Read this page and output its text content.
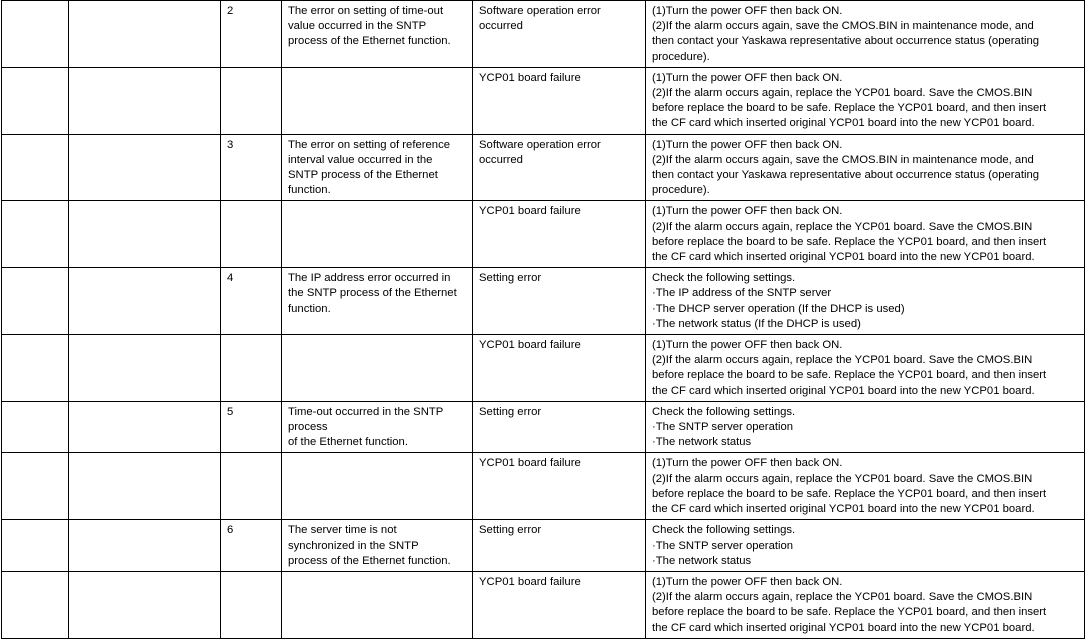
		2	The error on setting of time-out
value occurred in the SNTP
process of the Ethernet function.	Software operation error
occurred	(1)Turn the power OFF then back ON.
(2)If the alarm occurs again, save the CMOS.BIN in maintenance mode, and
then contact your Yaskawa representative about occurrence status (operating
procedure).
				YCP01 board failure	(1)Turn the power OFF then back ON.
(2)If the alarm occurs again, replace the YCP01 board. Save the CMOS.BIN
before replace the board to be safe. Replace the YCP01 board, and then insert
the CF card which inserted original YCP01 board into the new YCP01 board.
		3	The error on setting of reference
interval value occurred in the
SNTP process of the Ethernet
function.	Software operation error
occurred	(1)Turn the power OFF then back ON.
(2)If the alarm occurs again, save the CMOS.BIN in maintenance mode, and
then contact your Yaskawa representative about occurrence status (operating
procedure).
				YCP01 board failure	(1)Turn the power OFF then back ON.
(2)If the alarm occurs again, replace the YCP01 board. Save the CMOS.BIN
before replace the board to be safe. Replace the YCP01 board, and then insert
the CF card which inserted original YCP01 board into the new YCP01 board.
		4	The IP address error occurred in
the SNTP process of the Ethernet
function.	Setting error	Check the following settings.
·The IP address of the SNTP server
·The DHCP server operation (If the DHCP is used)
·The network status (If the DHCP is used)
				YCP01 board failure	(1)Turn the power OFF then back ON.
(2)If the alarm occurs again, replace the YCP01 board. Save the CMOS.BIN
before replace the board to be safe. Replace the YCP01 board, and then insert
the CF card which inserted original YCP01 board into the new YCP01 board.
		5	Time-out occurred in the SNTP
process
of the Ethernet function.	Setting error	Check the following settings.
·The SNTP server operation
·The network status
				YCP01 board failure	(1)Turn the power OFF then back ON.
(2)If the alarm occurs again, replace the YCP01 board. Save the CMOS.BIN
before replace the board to be safe. Replace the YCP01 board, and then insert
the CF card which inserted original YCP01 board into the new YCP01 board.
		6	The server time is not
synchronized in the SNTP
process of the Ethernet function.	Setting error	Check the following settings.
·The SNTP server operation
·The network status
				YCP01 board failure	(1)Turn the power OFF then back ON.
(2)If the alarm occurs again, replace the YCP01 board. Save the CMOS.BIN
before replace the board to be safe. Replace the YCP01 board, and then insert
the CF card which inserted original YCP01 board into the new YCP01 board.
